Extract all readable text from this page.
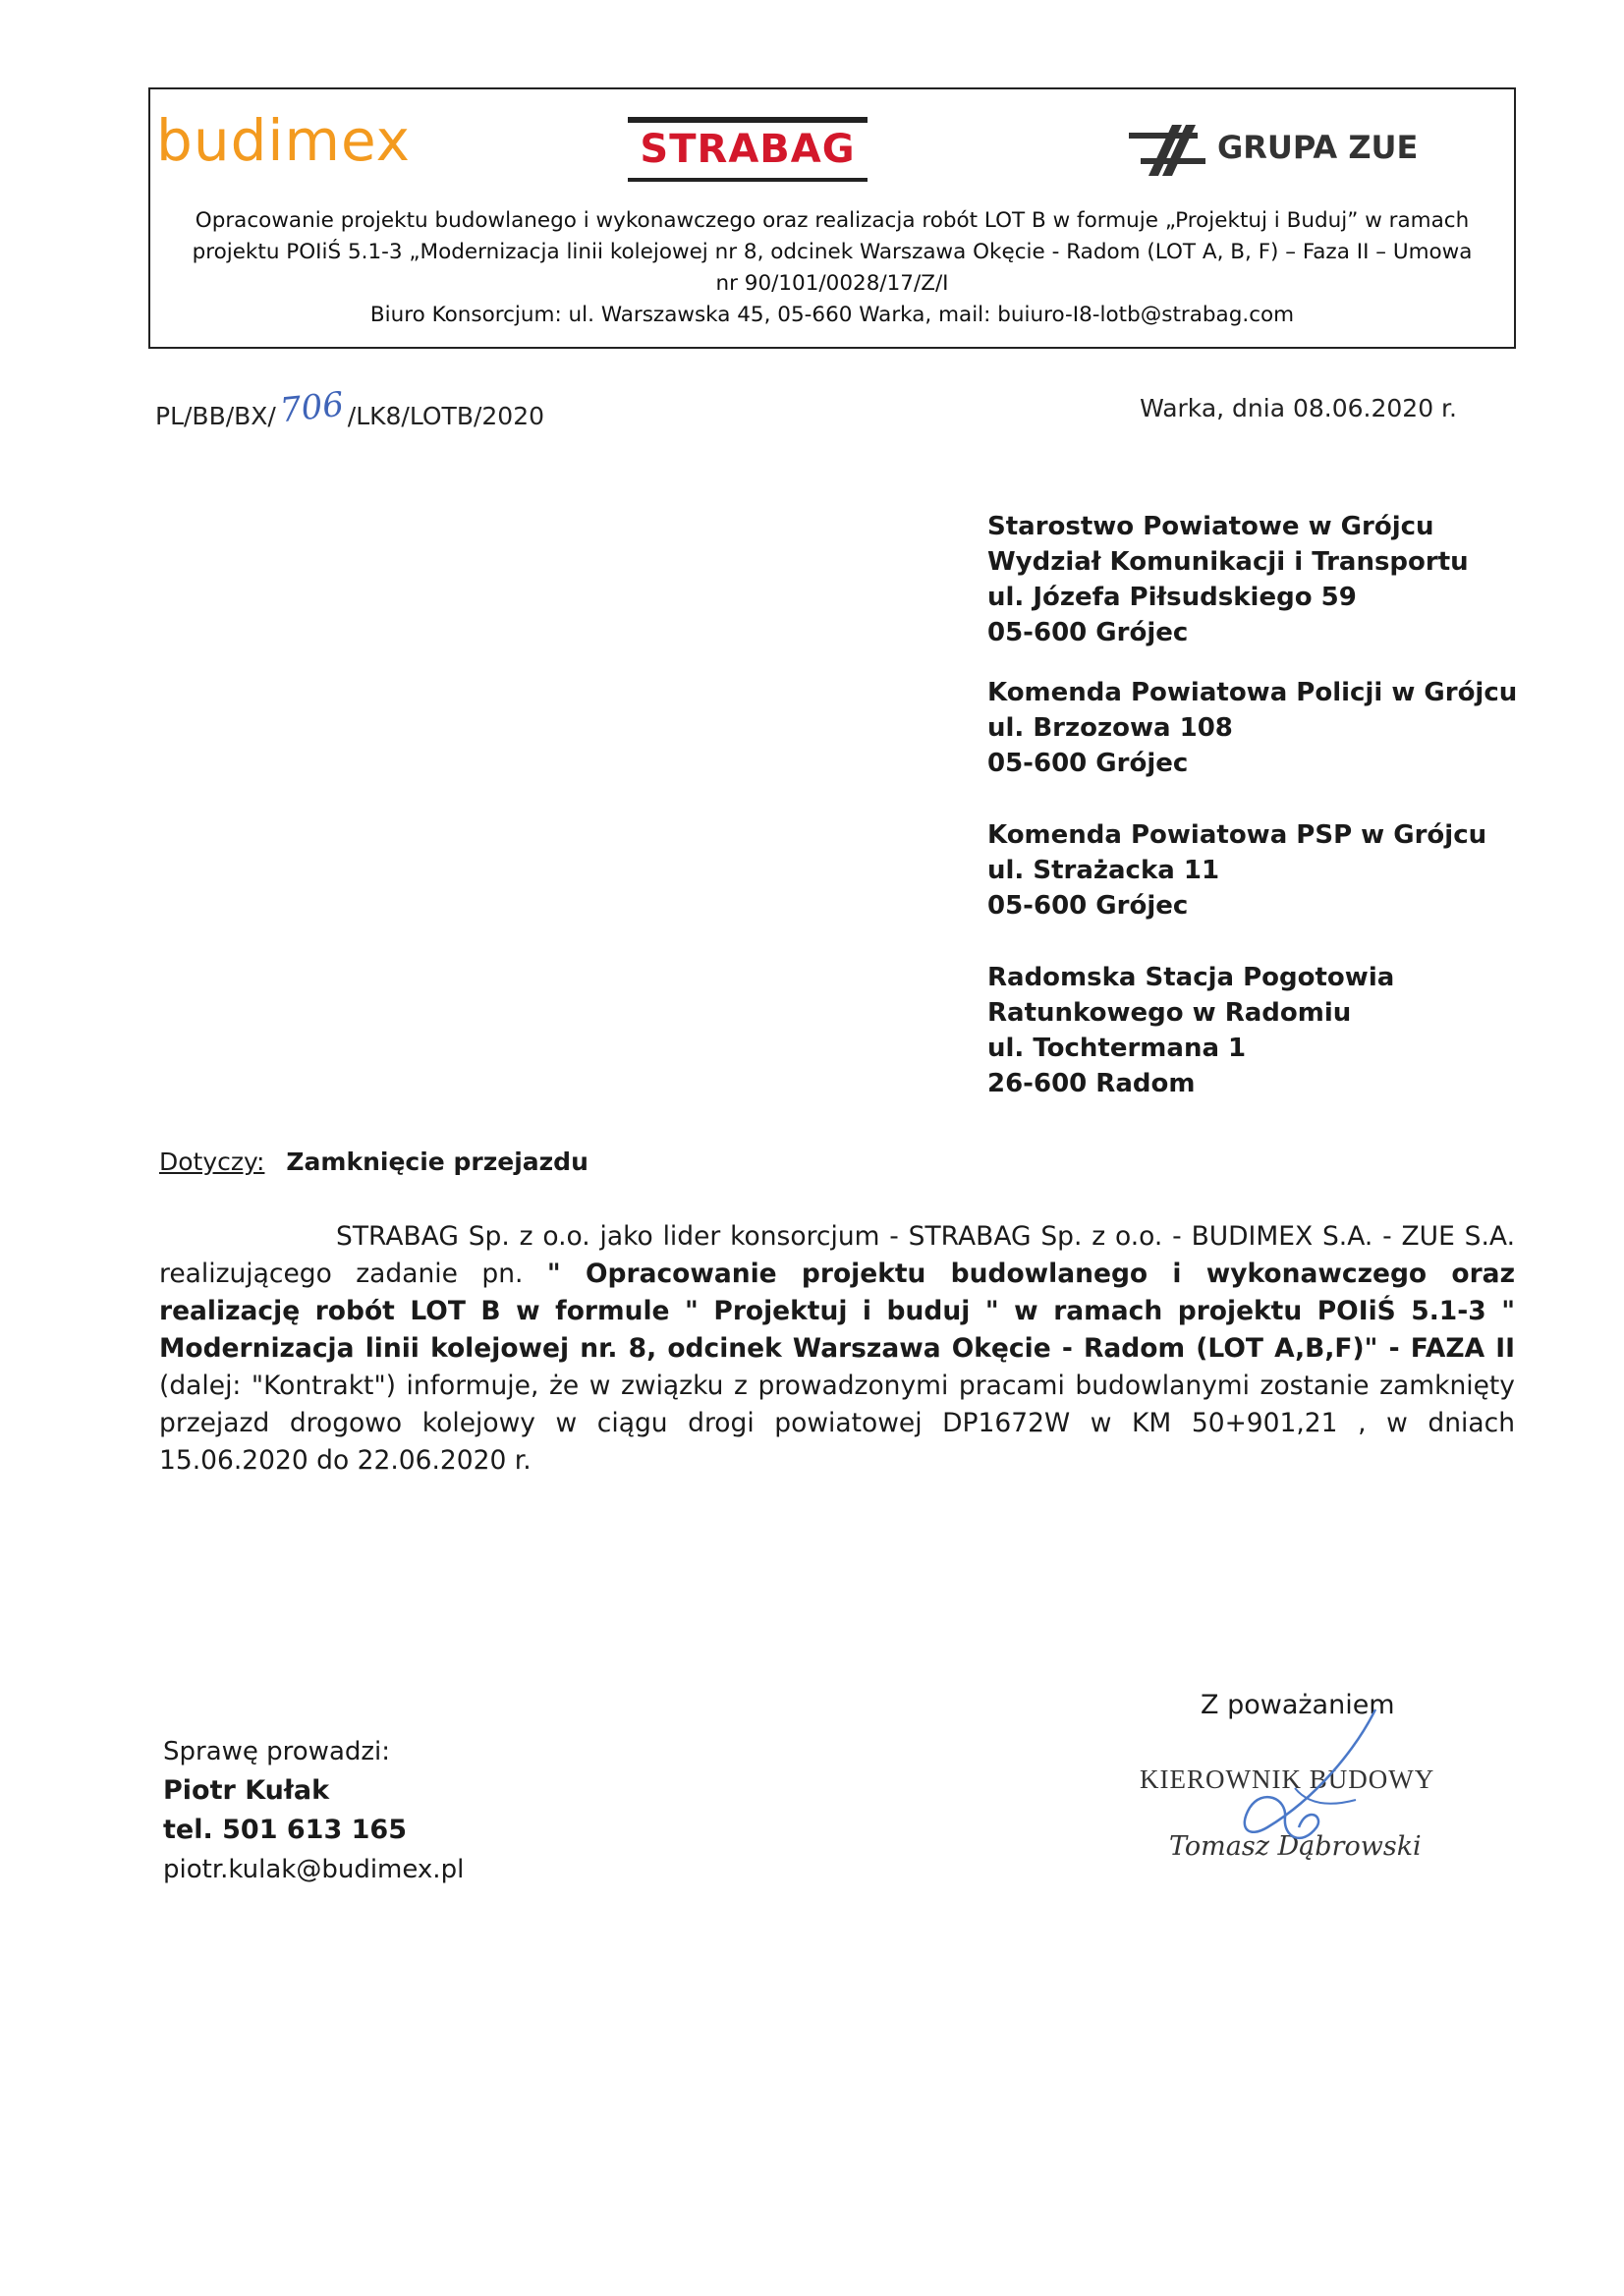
budimex	STRABAG	GRUPA ZUE

Opracowanie projektu budowlanego i wykonawczego oraz realizacja robót LOT B w formuje „Projektuj i Buduj” w ramach

projektu POIiŚ 5.1-3 „Modernizacja linii kolejowej nr 8, odcinek Warszawa Okęcie - Radom (LOT A, B, F) – Faza II – Umowa

nr 90/101/0028/17/Z/I

Biuro Konsorcjum: ul. Warszawska 45, 05-660 Warka, mail: buiuro-I8-lotb@strabag.com

PL/BB/BX/706/LK8/LOTB/2020	Warka, dnia 08.06.2020 r.
Starostwo Powiatowe w Grójcu
Wydział Komunikacji i Transportu
ul. Józefa Piłsudskiego 59
05-600 Grójec
Komenda Powiatowa Policji w Grójcu
ul. Brzozowa 108
05-600 Grójec
Komenda Powiatowa PSP w Grójcu
ul. Strażacka 11
05-600 Grójec
Radomska Stacja Pogotowia
Ratunkowego w Radomiu
ul. Tochtermana 1
26-600 Radom
Dotyczy: Zamknięcie przejazdu
STRABAG Sp. z o.o. jako lider konsorcjum - STRABAG Sp. z o.o. - BUDIMEX S.A. - ZUE S.A. realizującego zadanie pn. " Opracowanie projektu budowlanego i wykonawczego oraz realizację robót LOT B w formule " Projektuj i buduj " w ramach projektu POIiŚ 5.1-3 " Modernizacja linii kolejowej nr. 8, odcinek Warszawa Okęcie - Radom (LOT A,B,F)" - FAZA II (dalej: "Kontrakt") informuje, że w związku z prowadzonymi pracami budowlanymi zostanie zamknięty przejazd drogowo kolejowy w ciągu drogi powiatowej DP1672W w KM 50+901,21 , w dniach 15.06.2020 do 22.06.2020 r.
Sprawę prowadzi:
Piotr Kułak
tel. 501 613 165
piotr.kulak@budimex.pl
Z poważaniem
KIEROWNIK BUDOWY
Tomasz Dąbrowski
